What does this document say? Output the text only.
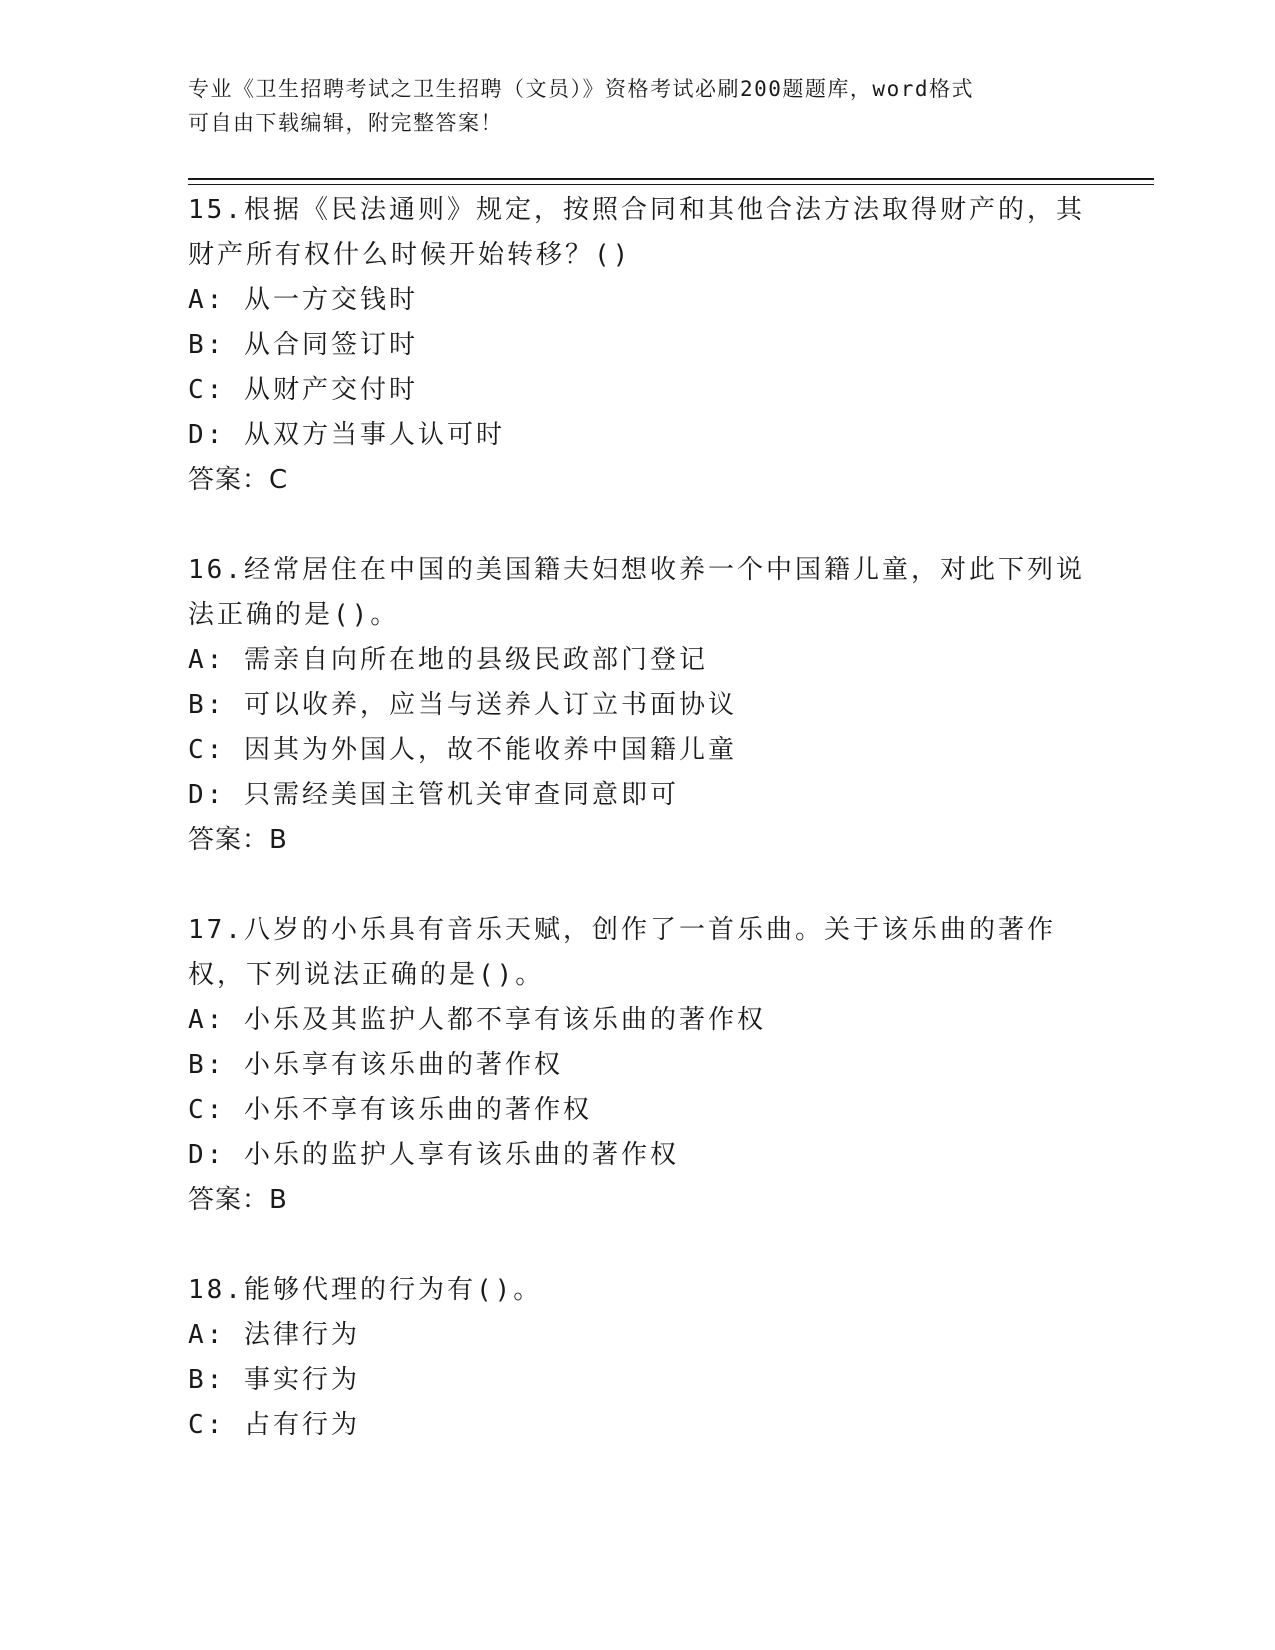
专业《卫生招聘考试之卫生招聘（文员）》资格考试必刷200题题库，word格式
可自由下载编辑，附完整答案！
15.根据《民法通则》规定，按照合同和其他合法方法取得财产的，其财产所有权什么时候开始转移？()
A: 从一方交钱时
B: 从合同签订时
C: 从财产交付时
D: 从双方当事人认可时
答案：C
16.经常居住在中国的美国籍夫妇想收养一个中国籍儿童，对此下列说法正确的是()。
A: 需亲自向所在地的县级民政部门登记
B: 可以收养，应当与送养人订立书面协议
C: 因其为外国人，故不能收养中国籍儿童
D: 只需经美国主管机关审查同意即可
答案：B
17.八岁的小乐具有音乐天赋，创作了一首乐曲。关于该乐曲的著作权，下列说法正确的是()。
A: 小乐及其监护人都不享有该乐曲的著作权
B: 小乐享有该乐曲的著作权
C: 小乐不享有该乐曲的著作权
D: 小乐的监护人享有该乐曲的著作权
答案：B
18.能够代理的行为有()。
A: 法律行为
B: 事实行为
C: 占有行为
